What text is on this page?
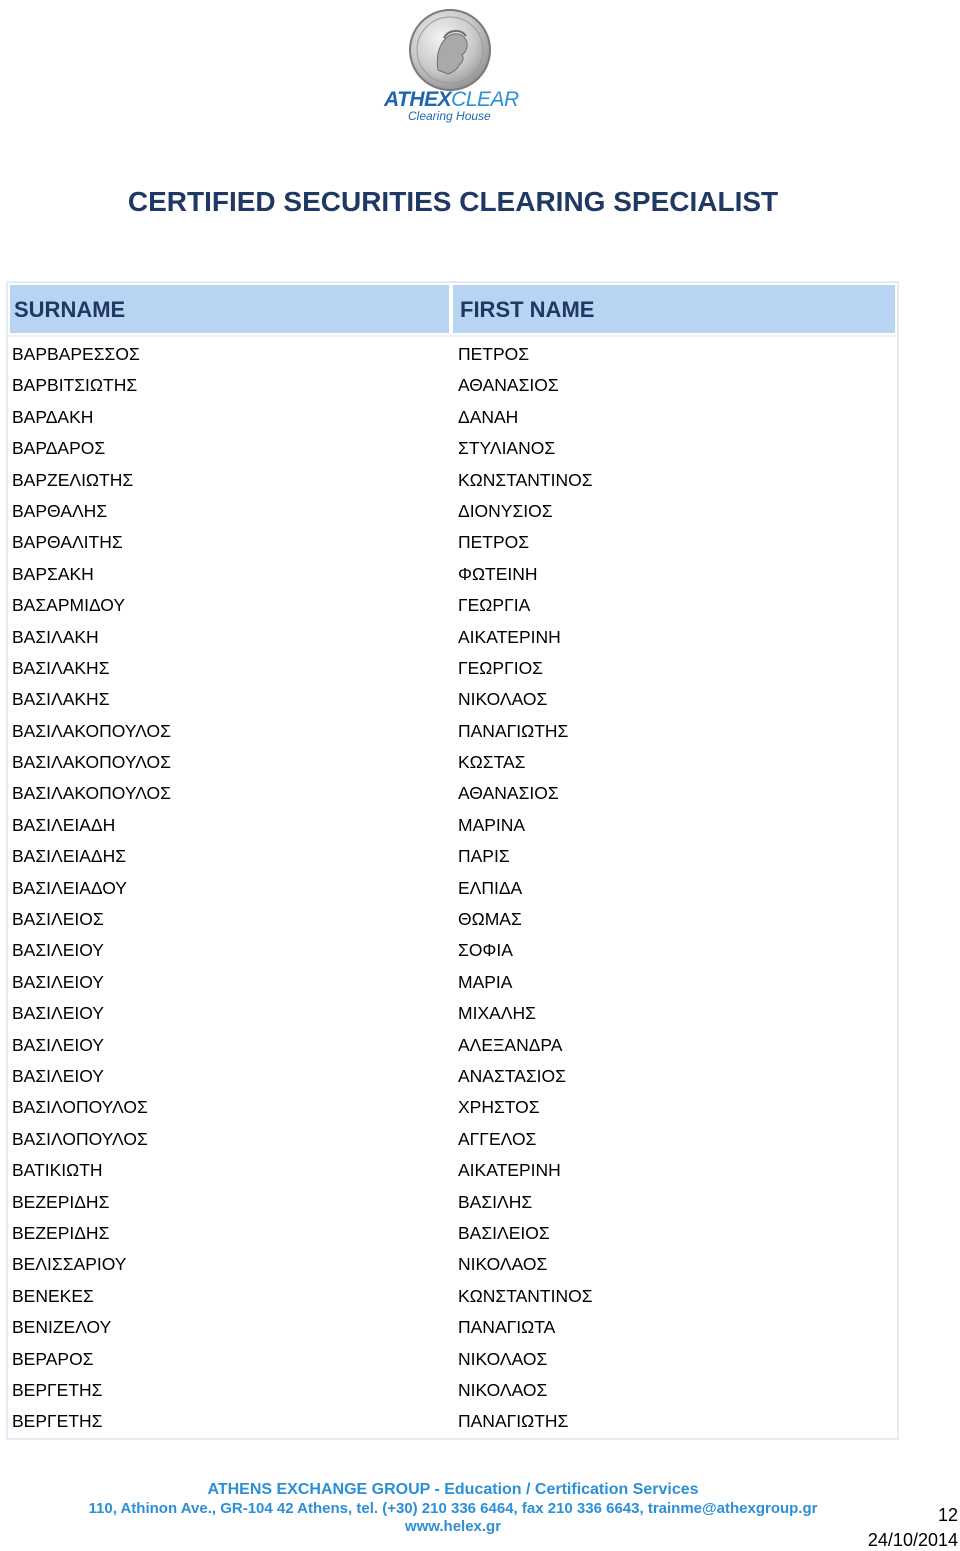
ATHEXCLEAR
Clearing House
CERTIFIED SECURITIES CLEARING SPECIALIST
SURNAME	FIRST NAME
ΒΑΡΒΑΡΕΣΣΟΣ	ΠΕΤΡΟΣ
ΒΑΡΒΙΤΣΙΩΤΗΣ	ΑΘΑΝΑΣΙΟΣ
ΒΑΡΔΑΚΗ	ΔΑΝΑΗ
ΒΑΡΔΑΡΟΣ	ΣΤΥΛΙΑΝΟΣ
ΒΑΡΖΕΛΙΩΤΗΣ	ΚΩΝΣΤΑΝΤΙΝΟΣ
ΒΑΡΘΑΛΗΣ	ΔΙΟΝΥΣΙΟΣ
ΒΑΡΘΑΛΙΤΗΣ	ΠΕΤΡΟΣ
ΒΑΡΣΑΚΗ	ΦΩΤΕΙΝΗ
ΒΑΣΑΡΜΙΔΟΥ	ΓΕΩΡΓΙΑ
ΒΑΣΙΛΑΚΗ	ΑΙΚΑΤΕΡΙΝΗ
ΒΑΣΙΛΑΚΗΣ	ΓΕΩΡΓΙΟΣ
ΒΑΣΙΛΑΚΗΣ	ΝΙΚΟΛΑΟΣ
ΒΑΣΙΛΑΚΟΠΟΥΛΟΣ	ΠΑΝΑΓΙΩΤΗΣ
ΒΑΣΙΛΑΚΟΠΟΥΛΟΣ	ΚΩΣΤΑΣ
ΒΑΣΙΛΑΚΟΠΟΥΛΟΣ	ΑΘΑΝΑΣΙΟΣ
ΒΑΣΙΛΕΙΑΔΗ	ΜΑΡΙΝΑ
ΒΑΣΙΛΕΙΑΔΗΣ	ΠΑΡΙΣ
ΒΑΣΙΛΕΙΑΔΟΥ	ΕΛΠΙΔΑ
ΒΑΣΙΛΕΙΟΣ	ΘΩΜΑΣ
ΒΑΣΙΛΕΙΟΥ	ΣΟΦΙΑ
ΒΑΣΙΛΕΙΟΥ	ΜΑΡΙΑ
ΒΑΣΙΛΕΙΟΥ	ΜΙΧΑΛΗΣ
ΒΑΣΙΛΕΙΟΥ	ΑΛΕΞΑΝΔΡΑ
ΒΑΣΙΛΕΙΟΥ	ΑΝΑΣΤΑΣΙΟΣ
ΒΑΣΙΛΟΠΟΥΛΟΣ	ΧΡΗΣΤΟΣ
ΒΑΣΙΛΟΠΟΥΛΟΣ	ΑΓΓΕΛΟΣ
ΒΑΤΙΚΙΩΤΗ	ΑΙΚΑΤΕΡΙΝΗ
ΒΕΖΕΡΙΔΗΣ	ΒΑΣΙΛΗΣ
ΒΕΖΕΡΙΔΗΣ	ΒΑΣΙΛΕΙΟΣ
ΒΕΛΙΣΣΑΡΙΟΥ	ΝΙΚΟΛΑΟΣ
ΒΕΝΕΚΕΣ	ΚΩΝΣΤΑΝΤΙΝΟΣ
ΒΕΝΙΖΕΛΟΥ	ΠΑΝΑΓΙΩΤΑ
ΒΕΡΑΡΟΣ	ΝΙΚΟΛΑΟΣ
ΒΕΡΓΕΤΗΣ	ΝΙΚΟΛΑΟΣ
ΒΕΡΓΕΤΗΣ	ΠΑΝΑΓΙΩΤΗΣ
ATHENS EXCHANGE GROUP - Education / Certification Services
110, Athinon Ave., GR-104 42 Athens, tel. (+30) 210 336 6464, fax 210 336 6643, trainme@athexgroup.gr
www.helex.gr
12
24/10/2014
